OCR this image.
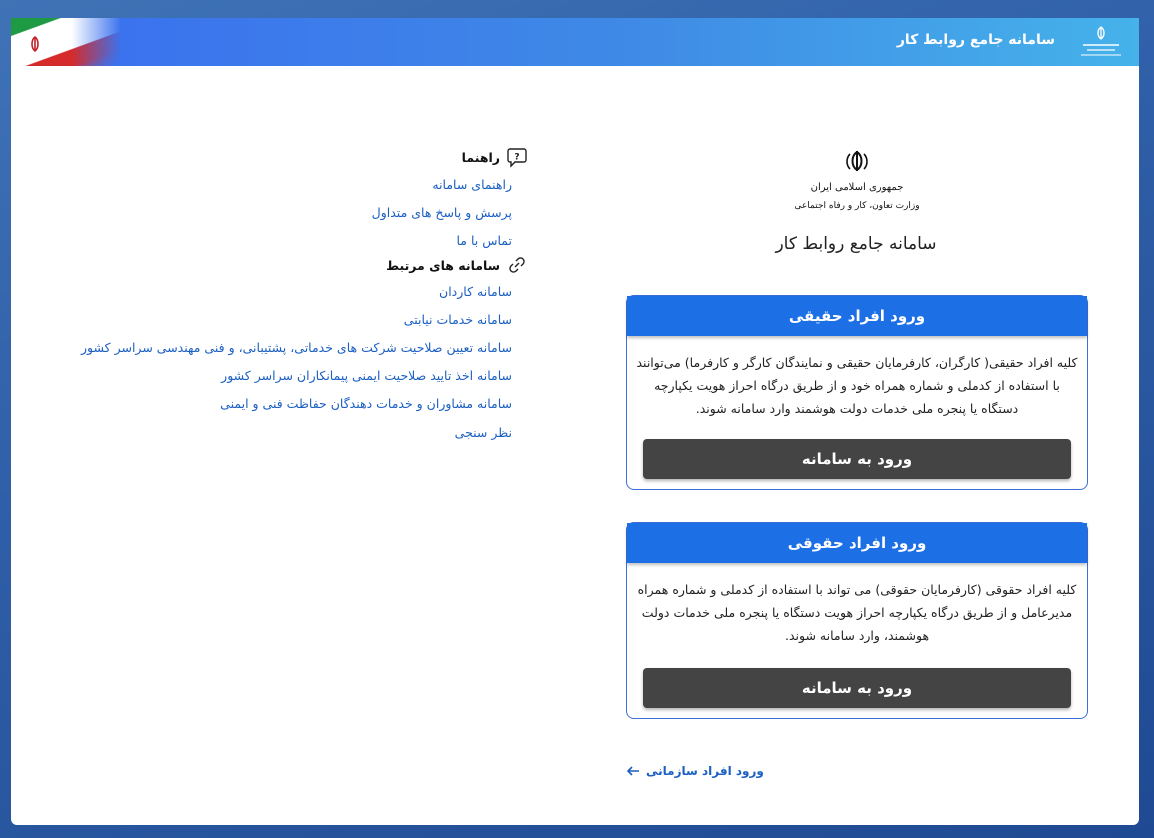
سامانه جامع روابط کار
?
راهنما
راهنمای سامانه
پرسش و پاسخ های متداول
تماس با ما
سامانه های مرتبط
سامانه کاردان
سامانه خدمات نیابتی
سامانه تعیین صلاحیت شرکت های خدماتی، پشتیبانی، و فنی مهندسی سراسر کشور
سامانه اخذ تایید صلاحیت ایمنی پیمانکاران سراسر کشور
سامانه مشاوران و خدمات دهندگان حفاظت فنی و ایمنی
نظر سنجی
جمهوری اسلامی ایران
وزارت تعاون، کار و رفاه اجتماعی
سامانه جامع روابط کار
ورود افراد حقیقی
کلیه افراد حقیقی( کارگران، کارفرمایان حقیقی و نمایندگان کارگر و کارفرما) می‌توانند با استفاده از کدملی و شماره همراه خود و از طریق درگاه احراز هویت یکپارچه دستگاه یا پنجره ملی خدمات دولت هوشمند وارد سامانه شوند.
ورود به سامانه
ورود افراد حقوقی
کلیه افراد حقوقی (کارفرمایان حقوقی) می تواند با استفاده از کدملی و شماره همراه مدیرعامل و از طریق درگاه یکپارچه احراز هویت دستگاه یا پنجره ملی خدمات دولت هوشمند، وارد سامانه شوند.
ورود به سامانه
ورود افراد سازمانی
